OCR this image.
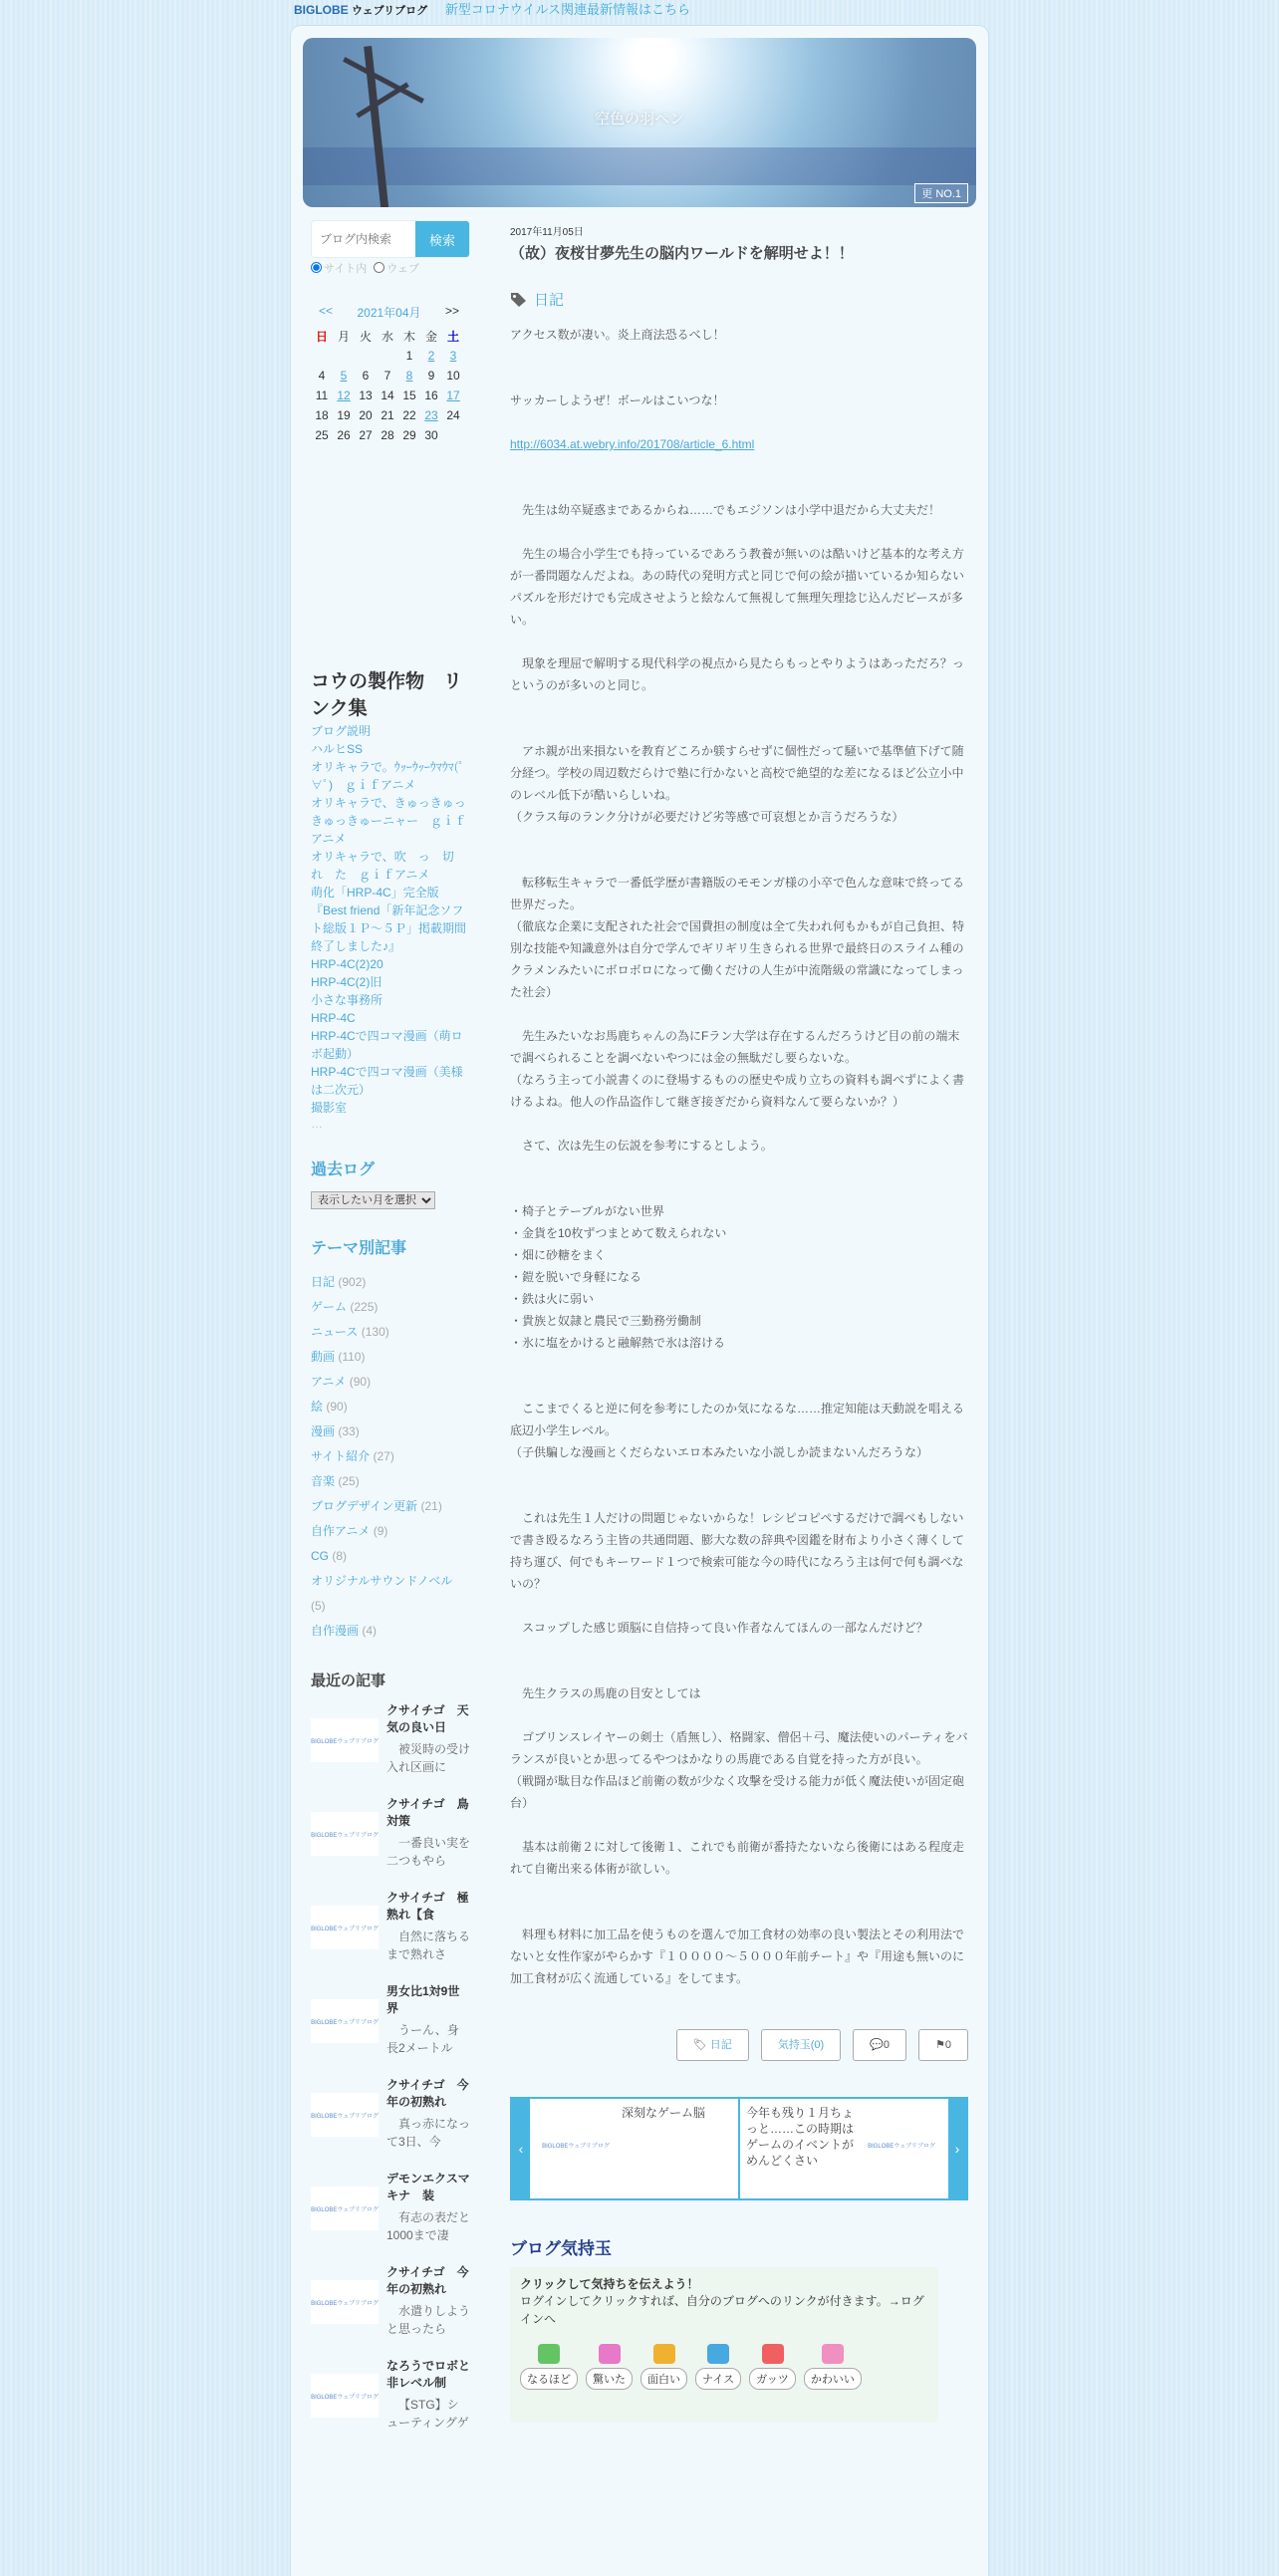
BIGLOBE ウェブリブログ 新型コロナウイルス関連最新情報はこちら
空色の羽ペン
更 NO.1
ブログ内検索
検索
サイト内 ウェブ
<< 2021年04月 >>
日	月	火	水	木	金	土
				1	2	3
4	5	6	7	8	9	10
11	12	13	14	15	16	17
18	19	20	21	22	23	24
25	26	27	28	29	30	
コウの製作物　リンク集
ブログ説明
ハルヒSS
オリキャラで。ｳｯｰｳｯｰｳﾏｳﾏ(ﾟ∀ﾟ)　ｇｉｆアニメ
オリキャラで、きゅっきゅっきゅっきゅーニャー　ｇｉｆアニメ
オリキャラで、吹　っ　切　れ　た　ｇｉｆアニメ
萌化「HRP-4C」完全版
『Best friend「新年記念ソフト総版１Ｐ～５Ｐ」掲載期間終了しました♪』
HRP-4C(2)20
HRP-4C(2)旧
小さな事務所
HRP-4C
HRP-4Cで四コマ漫画（萌ロボ起動）
HRP-4Cで四コマ漫画（美様は二次元）
撮影室
…
過去ログ
表示したい月を選択
テーマ別記事
日記 (902)
ゲーム (225)
ニュース (130)
動画 (110)
アニメ (90)
絵 (90)
漫画 (33)
サイト紹介 (27)
音楽 (25)
ブログデザイン更新 (21)
自作アニメ (9)
CG (8)
オリジナルサウンドノベル (5)
自作漫画 (4)
最近の記事
BIGLOBEウェブリブログ
クサイチゴ　天気の良い日
被災時の受け入れ区画に
BIGLOBEウェブリブログ
クサイチゴ　鳥対策
一番良い実を二つもやら
BIGLOBEウェブリブログ
クサイチゴ　極熟れ【食
自然に落ちるまで熟れさ
BIGLOBEウェブリブログ
男女比1対9世界
うーん、身長2メートル
BIGLOBEウェブリブログ
クサイチゴ　今年の初熟れ
真っ赤になって3日、今
BIGLOBEウェブリブログ
デモンエクスマキナ　装
有志の表だと1000まで凄
BIGLOBEウェブリブログ
クサイチゴ　今年の初熟れ
水遣りしようと思ったら
BIGLOBEウェブリブログ
なろうでロボと非レベル制
【STG】シューティングゲ
2017年11月05日
（故）夜桜甘夢先生の脳内ワールドを解明せよ！！
日記

アクセス数が凄い。炎上商法恐るべし！

サッカーしようぜ！ボールはこいつな！

http://6034.at.webry.info/201708/article_6.html

　先生は幼卒疑惑まであるからね……でもエジソンは小学中退だから大丈夫だ！

　先生の場合小学生でも持っているであろう教養が無いのは酷いけど基本的な考え方が一番問題なんだよね。あの時代の発明方式と同じで何の絵が描いているか知らないパズルを形だけでも完成させようと絵なんて無視して無理矢理捻じ込んだピースが多い。

　現象を理屈で解明する現代科学の視点から見たらもっとやりようはあっただろ？っというのが多いのと同じ。

　アホ親が出来損ないを教育どころか躾すらせずに個性だって騒いで基準値下げて随分経つ。学校の周辺数だらけで塾に行かないと高校で絶望的な差になるほど公立小中のレベル低下が酷いらしいね。

（クラス毎のランク分けが必要だけど劣等感で可哀想とか言うだろうな）

　転移転生キャラで一番低学歴が書籍版のモモンガ様の小卒で色んな意味で終ってる世界だった。

（徹底な企業に支配された社会で国費担の制度は全て失われ何もかもが自己負担、特別な技能や知識意外は自分で学んでギリギリ生きられる世界で最終日のスライム種のクラメンみたいにボロボロになって働くだけの人生が中流階級の常識になってしまった社会）

　先生みたいなお馬鹿ちゃんの為にFラン大学は存在するんだろうけど目の前の端末で調べられることを調べないやつには金の無駄だし要らないな。

（なろう主って小説書くのに登場するものの歴史や成り立ちの資料も調べずによく書けるよね。他人の作品盗作して継ぎ接ぎだから資料なんて要らないか？）

　さて、次は先生の伝説を参考にするとしよう。

・椅子とテーブルがない世界

・金貨を10枚ずつまとめて数えられない

・畑に砂糖をまく

・鎧を脱いで身軽になる

・鉄は火に弱い

・貴族と奴隷と農民で三勤務労働制

・氷に塩をかけると融解熱で氷は溶ける

　ここまでくると逆に何を参考にしたのか気になるな……推定知能は天動説を唱える底辺小学生レベル。

（子供騙しな漫画とくだらないエロ本みたいな小説しか読まないんだろうな）

　これは先生１人だけの問題じゃないからな！レシピコピペするだけで調べもしないで書き殴るなろう主皆の共通問題、膨大な数の辞典や図鑑を財布より小さく薄くして持ち運び、何でもキーワード１つで検索可能な今の時代になろう主は何で何も調べないの？

　スコップした感じ頭脳に自信持って良い作者なんてほんの一部なんだけど？

　先生クラスの馬鹿の目安としては

　ゴブリンスレイヤーの剣士（盾無し）、格闘家、僧侶＋弓、魔法使いのパーティをバランスが良いとか思ってるやつはかなりの馬鹿である自覚を持った方が良い。

（戦闘が駄目な作品ほど前衛の数が少なく攻撃を受ける能力が低く魔法使いが固定砲台）

　基本は前衛２に対して後衛１、これでも前衛が番持たないなら後衛にはある程度走れて自衛出来る体術が欲しい。

　料理も材料に加工品を使うものを選んで加工食材の効率の良い製法とその利用法でないと女性作家がやらかす『１００００～５０００年前チート』や『用途も無いのに加工食材が広く流通している』をしてます。

🏷︎ 日記	気持玉(0)	💬0	⚑0
‹	BIGLOBEウェブリブログ
深刻なゲーム脳	今年も残り１月ちょっと……この時期はゲームのイベントがめんどくさい
BIGLOBEウェブリブログ	›
ブログ気持玉
クリックして気持ちを伝えよう！
ログインしてクリックすれば、自分のブログへのリンクが付きます。→ログインへ
なるほど	驚いた	面白い	ナイス	ガッツ	かわいい
